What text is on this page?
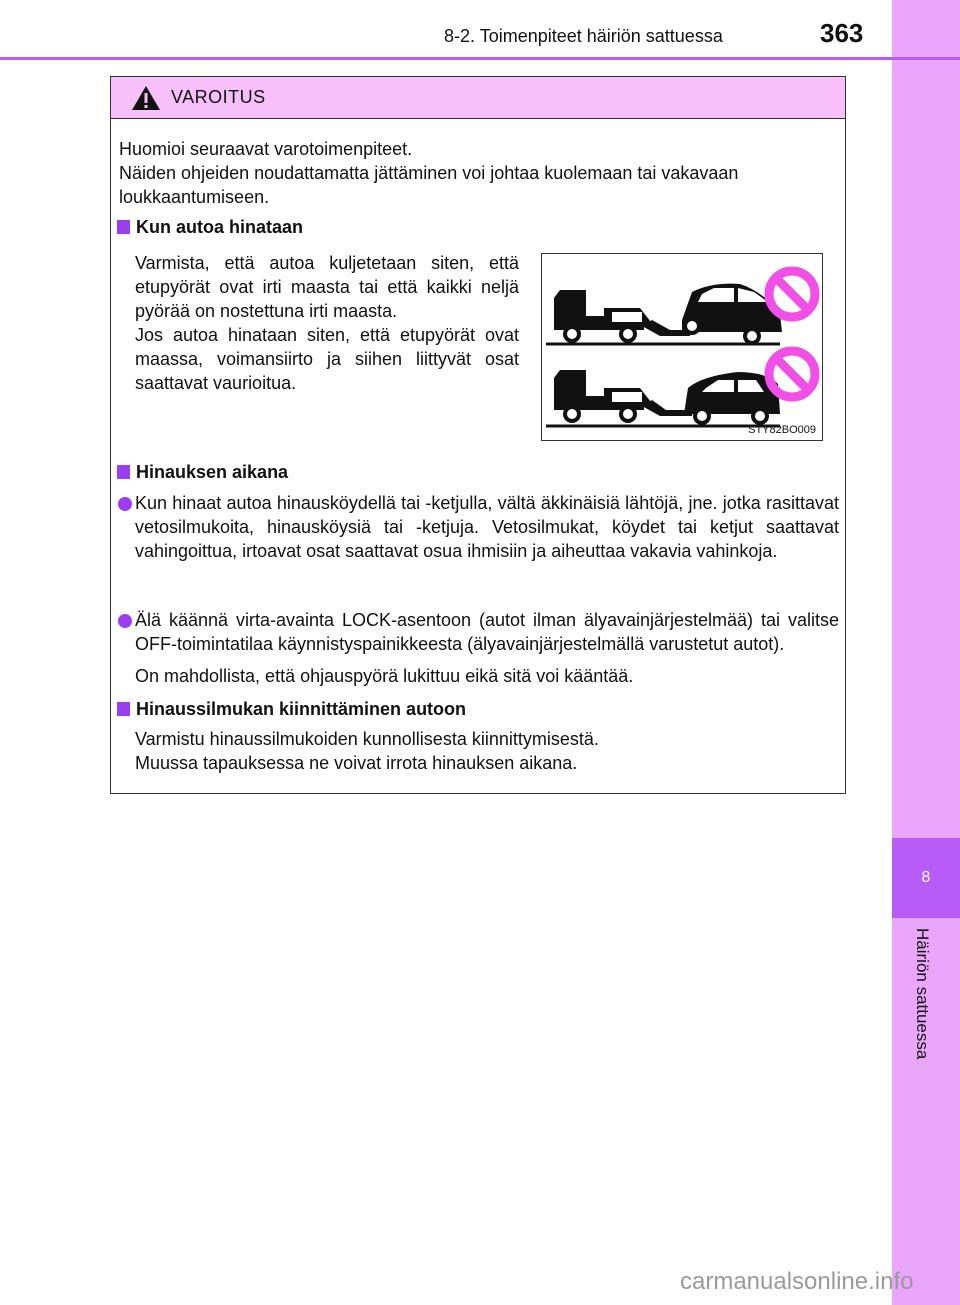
8
Häiriön sattuessa
8-2. Toimenpiteet häiriön sattuessa	363
VAROITUS
Huomioi seuraavat varotoimenpiteet.
Näiden ohjeiden noudattamatta jättäminen voi johtaa kuolemaan tai vakavaan loukkaantumiseen.
Kun autoa hinataan
Varmista, että autoa kuljetetaan siten, että etupyörät ovat irti maasta tai että kaikki neljä pyörää on nostettuna irti maasta.
Jos autoa hinataan siten, että etupyörät ovat maassa, voimansiirto ja siihen liittyvät osat saattavat vaurioitua.
STY82BO009
Hinauksen aikana
Kun hinaat autoa hinausköydellä tai -ketjulla, vältä äkkinäisiä lähtöjä, jne. jotka rasittavat vetosilmukoita, hinausköysiä tai -ketjuja. Vetosilmukat, köydet tai ketjut saattavat vahingoittua, irtoavat osat saattavat osua ihmisiin ja aiheuttaa vakavia vahinkoja.
Älä käännä virta-avainta LOCK-asentoon (autot ilman älyavainjärjestelmää) tai valitse OFF-toimintatilaa käynnistyspainikkeesta (älyavainjärjestelmällä varustetut autot).
On mahdollista, että ohjauspyörä lukittuu eikä sitä voi kääntää.
Hinaussilmukan kiinnittäminen autoon
Varmistu hinaussilmukoiden kunnollisesta kiinnittymisestä.
Muussa tapauksessa ne voivat irrota hinauksen aikana.
carmanualsonline.info
